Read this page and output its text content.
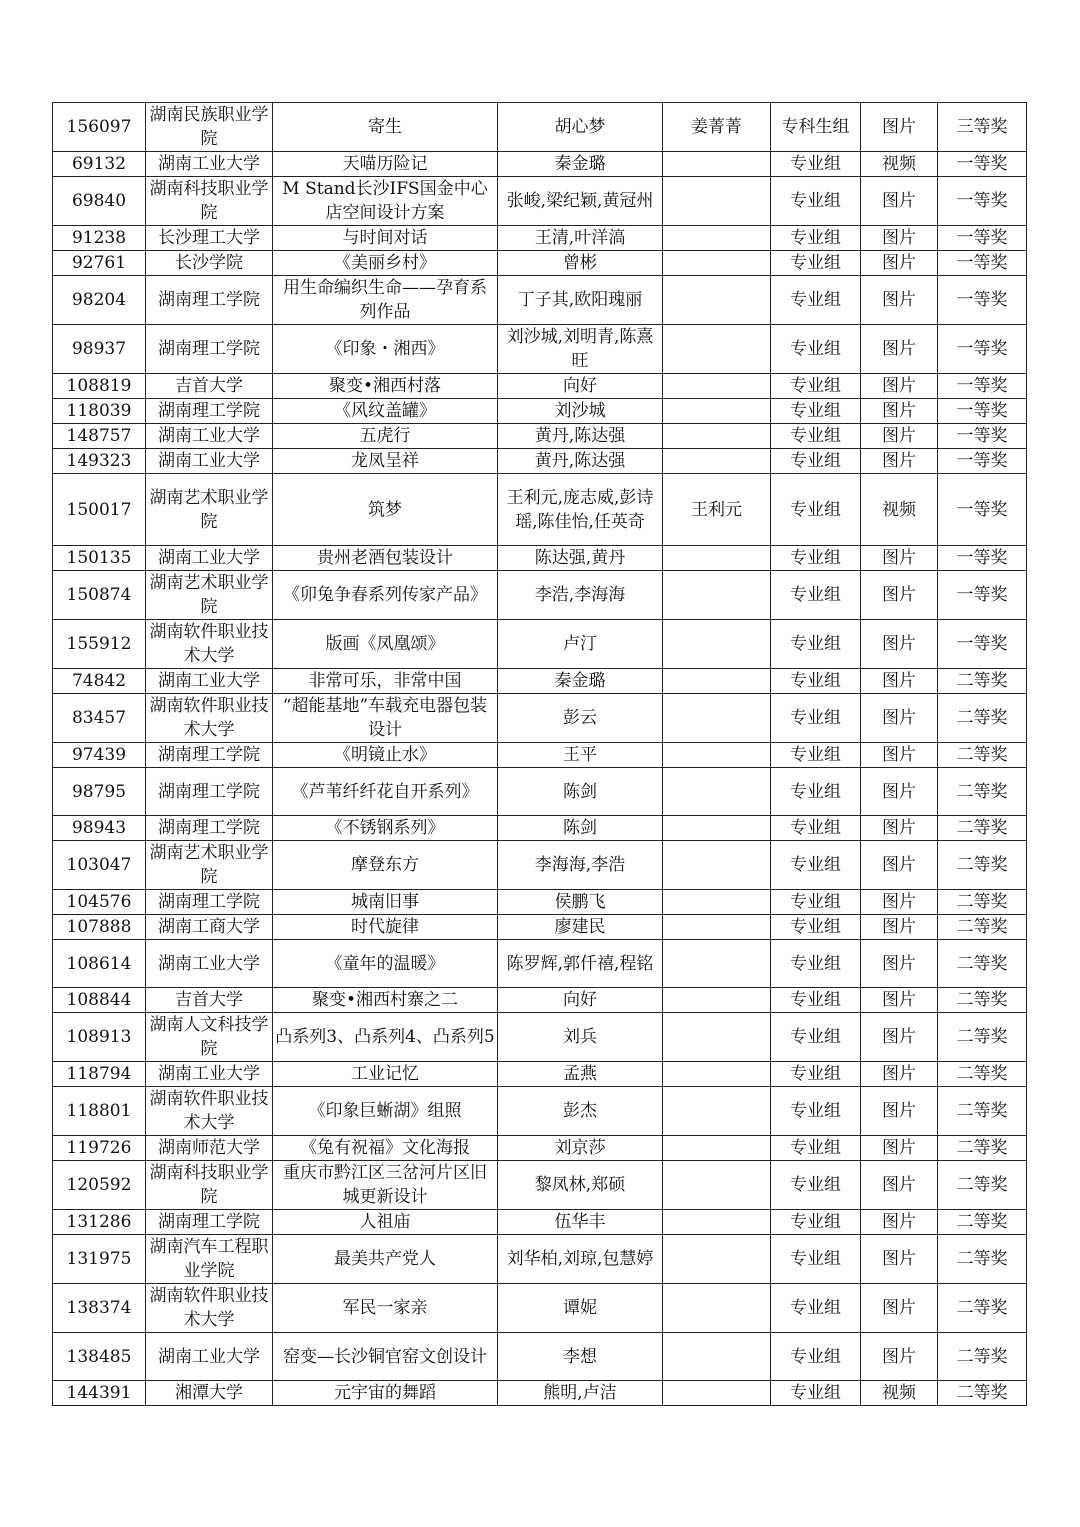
156097	湖南民族职业学院	寄生	胡心梦	姜菁菁	专科生组	图片	三等奖
69132	湖南工业大学	天喵历险记	秦金璐		专业组	视频	一等奖
69840	湖南科技职业学院	M Stand长沙IFS国金中心店空间设计方案	张峻,梁纪颖,黄冠州		专业组	图片	一等奖
91238	长沙理工大学	与时间对话	王清,叶洋滈		专业组	图片	一等奖
92761	长沙学院	《美丽乡村》	曾彬		专业组	图片	一等奖
98204	湖南理工学院	用生命编织生命——孕育系列作品	丁子其,欧阳瑰丽		专业组	图片	一等奖
98937	湖南理工学院	《印象・湘西》	刘沙城,刘明青,陈熹旺		专业组	图片	一等奖
108819	吉首大学	聚变•湘西村落	向好		专业组	图片	一等奖
118039	湖南理工学院	《风纹盖罐》	刘沙城		专业组	图片	一等奖
148757	湖南工业大学	五虎行	黄丹,陈达强		专业组	图片	一等奖
149323	湖南工业大学	龙凤呈祥	黄丹,陈达强		专业组	图片	一等奖
150017	湖南艺术职业学院	筑梦	王利元,庞志威,彭诗瑶,陈佳怡,任英奇	王利元	专业组	视频	一等奖
150135	湖南工业大学	贵州老酒包装设计	陈达强,黄丹		专业组	图片	一等奖
150874	湖南艺术职业学院	《卯兔争春系列传家产品》	李浩,李海海		专业组	图片	一等奖
155912	湖南软件职业技术大学	版画《凤凰颂》	卢汀		专业组	图片	一等奖
74842	湖南工业大学	非常可乐，非常中国	秦金璐		专业组	图片	二等奖
83457	湖南软件职业技术大学	“超能基地”车载充电器包装设计	彭云		专业组	图片	二等奖
97439	湖南理工学院	《明镜止水》	王平		专业组	图片	二等奖
98795	湖南理工学院	《芦苇纤纤花自开系列》	陈剑		专业组	图片	二等奖
98943	湖南理工学院	《不锈钢系列》	陈剑		专业组	图片	二等奖
103047	湖南艺术职业学院	摩登东方	李海海,李浩		专业组	图片	二等奖
104576	湖南理工学院	城南旧事	侯鹏飞		专业组	图片	二等奖
107888	湖南工商大学	时代旋律	廖建民		专业组	图片	二等奖
108614	湖南工业大学	《童年的温暖》	陈罗辉,郭仟禧,程铭		专业组	图片	二等奖
108844	吉首大学	聚变•湘西村寨之二	向好		专业组	图片	二等奖
108913	湖南人文科技学院	凸系列3、凸系列4、凸系列5	刘兵		专业组	图片	二等奖
118794	湖南工业大学	工业记忆	孟燕		专业组	图片	二等奖
118801	湖南软件职业技术大学	《印象巨蜥湖》组照	彭杰		专业组	图片	二等奖
119726	湖南师范大学	《兔有祝福》文化海报	刘京莎		专业组	图片	二等奖
120592	湖南科技职业学院	重庆市黔江区三岔河片区旧城更新设计	黎凤林,郑硕		专业组	图片	二等奖
131286	湖南理工学院	人祖庙	伍华丰		专业组	图片	二等奖
131975	湖南汽车工程职业学院	最美共产党人	刘华柏,刘琼,包慧婷		专业组	图片	二等奖
138374	湖南软件职业技术大学	军民一家亲	谭妮		专业组	图片	二等奖
138485	湖南工业大学	窑变—长沙铜官窑文创设计	李想		专业组	图片	二等奖
144391	湘潭大学	元宇宙的舞蹈	熊明,卢洁		专业组	视频	二等奖
